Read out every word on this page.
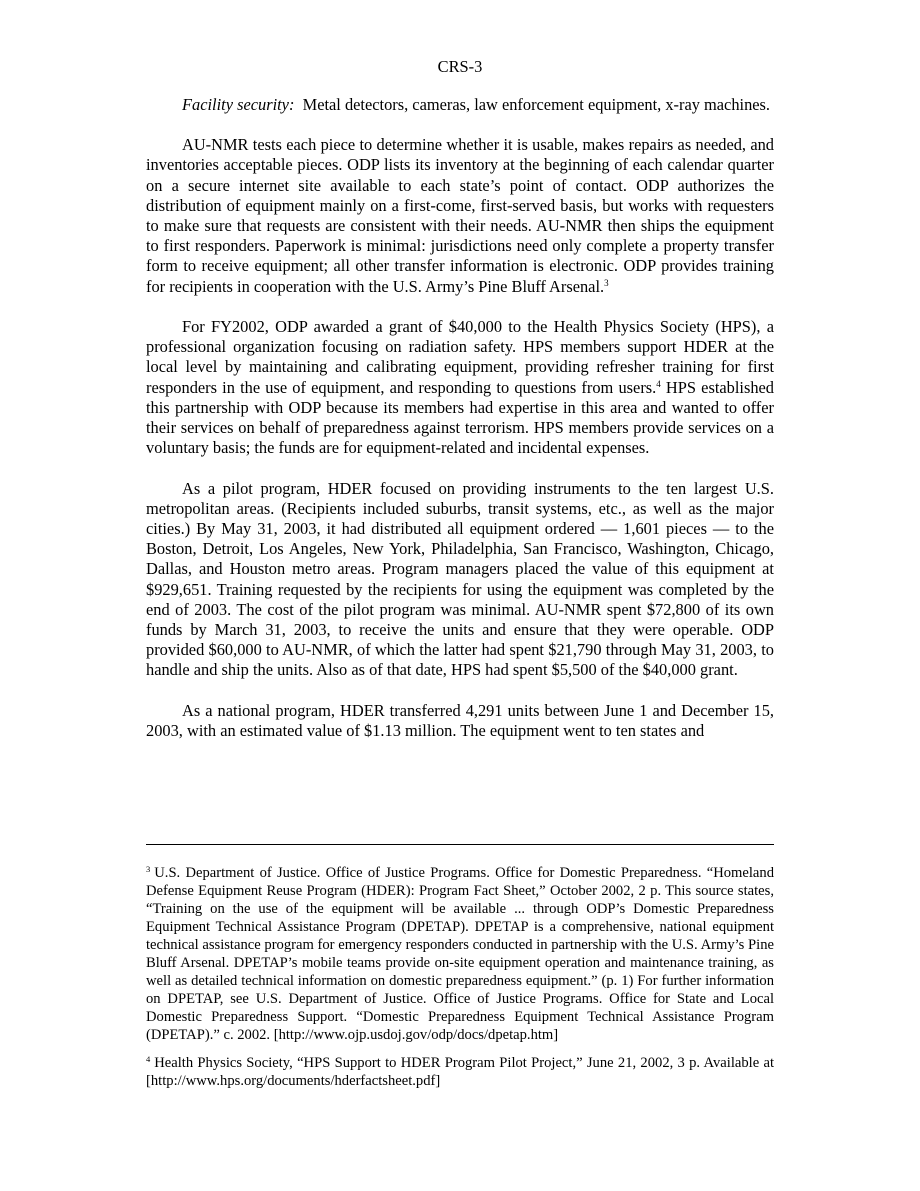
CRS-3

Facility security: Metal detectors, cameras, law enforcement equipment, x-ray machines.

AU-NMR tests each piece to determine whether it is usable, makes repairs as needed, and inventories acceptable pieces. ODP lists its inventory at the beginning of each calendar quarter on a secure internet site available to each state’s point of contact. ODP authorizes the distribution of equipment mainly on a first-come, first-served basis, but works with requesters to make sure that requests are consistent with their needs. AU-NMR then ships the equipment to first responders. Paperwork is minimal: jurisdictions need only complete a property transfer form to receive equipment; all other transfer information is electronic. ODP provides training for recipients in cooperation with the U.S. Army’s Pine Bluff Arsenal.$^3$

For FY2002, ODP awarded a grant of $40,000 to the Health Physics Society (HPS), a professional organization focusing on radiation safety. HPS members support HDER at the local level by maintaining and calibrating equipment, providing refresher training for first responders in the use of equipment, and responding to questions from users.$^4$ HPS established this partnership with ODP because its members had expertise in this area and wanted to offer their services on behalf of preparedness against terrorism. HPS members provide services on a voluntary basis; the funds are for equipment-related and incidental expenses.

As a pilot program, HDER focused on providing instruments to the ten largest U.S. metropolitan areas. (Recipients included suburbs, transit systems, etc., as well as the major cities.) By May 31, 2003, it had distributed all equipment ordered — 1,601 pieces — to the Boston, Detroit, Los Angeles, New York, Philadelphia, San Francisco, Washington, Chicago, Dallas, and Houston metro areas. Program managers placed the value of this equipment at $929,651. Training requested by the recipients for using the equipment was completed by the end of 2003. The cost of the pilot program was minimal. AU-NMR spent $72,800 of its own funds by March 31, 2003, to receive the units and ensure that they were operable. ODP provided $60,000 to AU-NMR, of which the latter had spent $21,790 through May 31, 2003, to handle and ship the units. Also as of that date, HPS had spent $5,500 of the $40,000 grant.

As a national program, HDER transferred 4,291 units between June 1 and December 15, 2003, with an estimated value of $1.13 million. The equipment went to ten states and

$^3$ U.S. Department of Justice. Office of Justice Programs. Office for Domestic Preparedness. “Homeland Defense Equipment Reuse Program (HDER): Program Fact Sheet,” October 2002, 2 p. This source states, “Training on the use of the equipment will be available ... through ODP’s Domestic Preparedness Equipment Technical Assistance Program (DPETAP). DPETAP is a comprehensive, national equipment technical assistance program for emergency responders conducted in partnership with the U.S. Army’s Pine Bluff Arsenal. DPETAP’s mobile teams provide on-site equipment operation and maintenance training, as well as detailed technical information on domestic preparedness equipment.” (p. 1) For further information on DPETAP, see U.S. Department of Justice. Office of Justice Programs. Office for State and Local Domestic Preparedness Support. “Domestic Preparedness Equipment Technical Assistance Program (DPETAP).” c. 2002. [http://www.ojp.usdoj.gov/odp/docs/dpetap.htm]

$^4$ Health Physics Society, “HPS Support to HDER Program Pilot Project,” June 21, 2002, 3 p. Available at [http://www.hps.org/documents/hderfactsheet.pdf]
